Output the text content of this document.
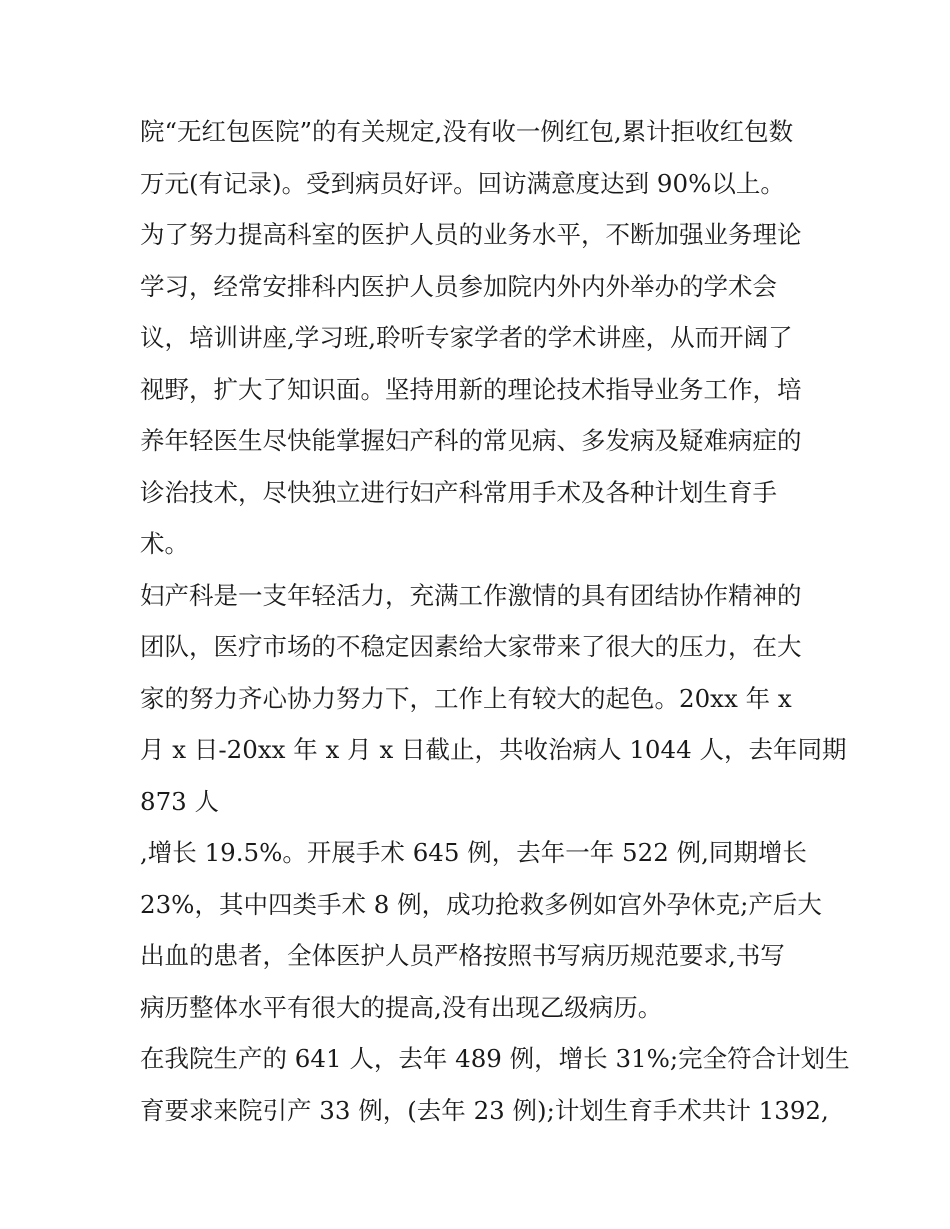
院“无红包医院”的有关规定,没有收一例红包,累计拒收红包数
万元(有记录)。受到病员好评。回访满意度达到 90%以上。
为了努力提高科室的医护人员的业务水平，不断加强业务理论
学习，经常安排科内医护人员参加院内外内外举办的学术会
议，培训讲座,学习班,聆听专家学者的学术讲座，从而开阔了
视野，扩大了知识面。坚持用新的理论技术指导业务工作，培
养年轻医生尽快能掌握妇产科的常见病、多发病及疑难病症的
诊治技术，尽快独立进行妇产科常用手术及各种计划生育手
术。
妇产科是一支年轻活力，充满工作激情的具有团结协作精神的
团队，医疗市场的不稳定因素给大家带来了很大的压力，在大
家的努力齐心协力努力下，工作上有较大的起色。20xx 年 x
月 x 日-20xx 年 x 月 x 日截止，共收治病人 1044 人，去年同期
873 人
,增长 19.5%。开展手术 645 例，去年一年 522 例,同期增长
23%，其中四类手术 8 例，成功抢救多例如宫外孕休克;产后大
出血的患者，全体医护人员严格按照书写病历规范要求,书写
病历整体水平有很大的提高,没有出现乙级病历。
在我院生产的 641 人，去年 489 例，增长 31%;完全符合计划生
育要求来院引产 33 例，(去年 23 例);计划生育手术共计 1392,
